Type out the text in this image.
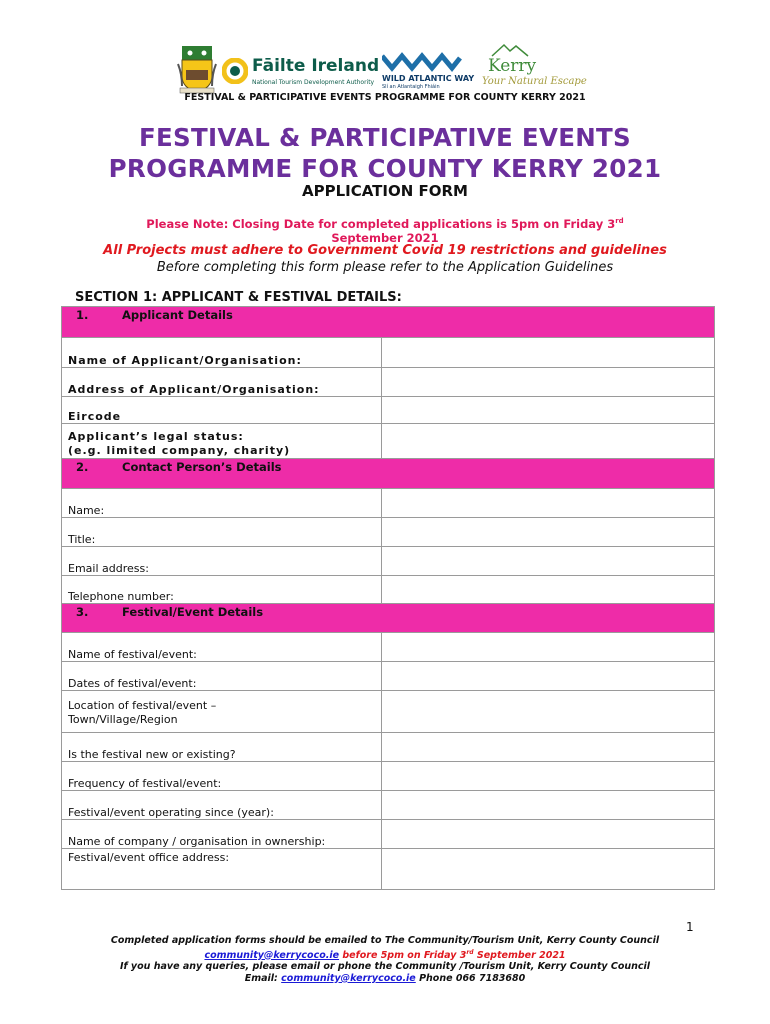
Fāilte Ireland
National Tourism Development Authority WILD ATLANTIC WAY
Slí an Atlantaigh Fhiáin
Kerry
Your Natural Escape
FESTIVAL & PARTICIPATIVE EVENTS PROGRAMME FOR COUNTY KERRY 2021
FESTIVAL & PARTICIPATIVE EVENTS
PROGRAMME FOR COUNTY KERRY 2021
APPLICATION FORM
Please Note: Closing Date for completed applications is 5pm on Friday 3rd
September 2021
All Projects must adhere to Government Covid 19 restrictions and guidelines
Before completing this form please refer to the Application Guidelines
SECTION 1: APPLICANT & FESTIVAL DETAILS:
1. Applicant Details	
Name of Applicant/Organisation:	
Address of Applicant/Organisation:	
Eircode	

Applicant’s legal status:
(e.g. limited company, charity)	

2. Contact Person’s Details	
Name:	
Title:	
Email address:	
Telephone number:	
3. Festival/Event Details	
Name of festival/event:	
Dates of festival/event:	

Location of festival/event –
Town/Village/Region	

Is the festival new or existing?	
Frequency of festival/event:	
Festival/event operating since (year):	
Name of company / organisation in ownership:	
Festival/event office address:	
1
Completed application forms should be emailed to The Community/Tourism Unit, Kerry County Council
community@kerrycoco.ie before 5pm on Friday 3rd September 2021
If you have any queries, please email or phone the Community /Tourism Unit, Kerry County Council
Email: community@kerrycoco.ie Phone 066 7183680
